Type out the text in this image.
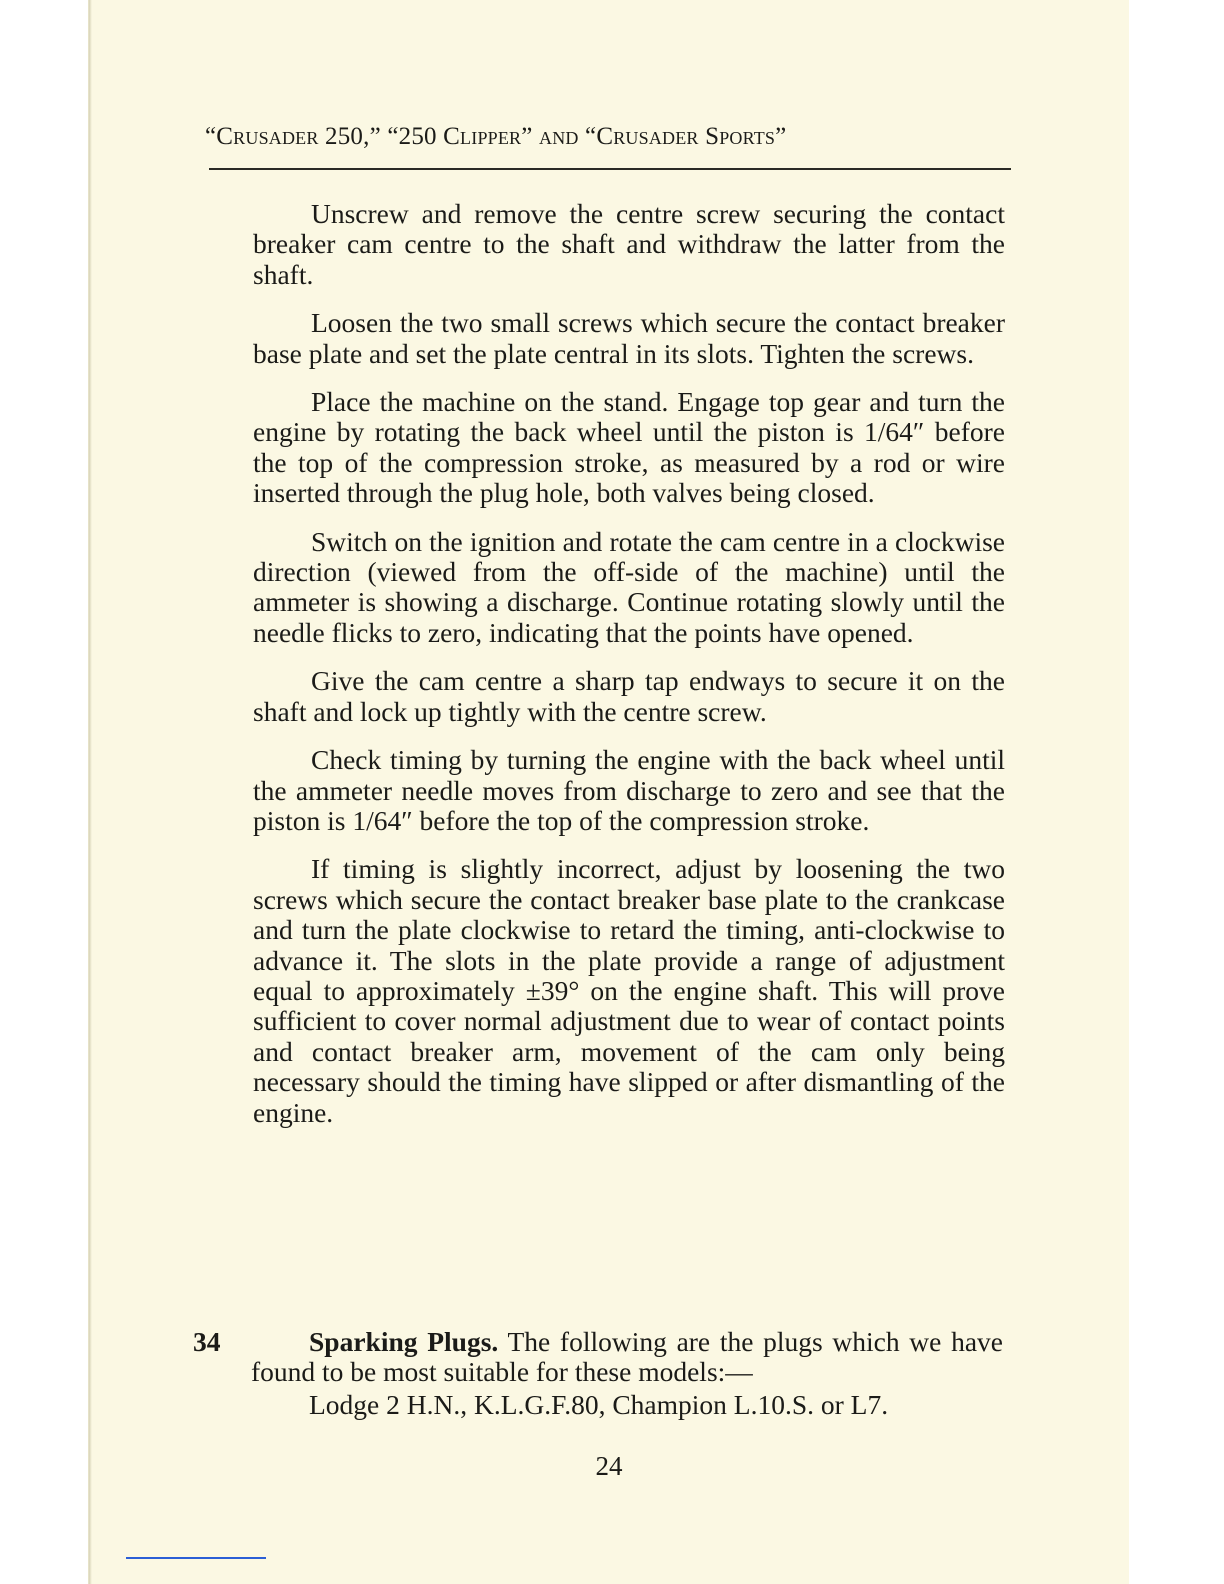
“Crusader 250,” “250 Clipper” and “Crusader Sports”

Unscrew and remove the centre screw securing the contact breaker cam centre to the shaft and withdraw the latter from the shaft.

Loosen the two small screws which secure the contact breaker base plate and set the plate central in its slots. Tighten the screws.

Place the machine on the stand. Engage top gear and turn the engine by rotating the back wheel until the piston is 1/64″ before the top of the compression stroke, as measured by a rod or wire inserted through the plug hole, both valves being closed.

Switch on the ignition and rotate the cam centre in a clockwise direction (viewed from the off-side of the machine) until the ammeter is showing a discharge. Continue rotating slowly until the needle flicks to zero, indicating that the points have opened.

Give the cam centre a sharp tap endways to secure it on the shaft and lock up tightly with the centre screw.

Check timing by turning the engine with the back wheel until the ammeter needle moves from discharge to zero and see that the piston is 1/64″ before the top of the compression stroke.

If timing is slightly incorrect, adjust by loosening the two screws which secure the contact breaker base plate to the crankcase and turn the plate clockwise to retard the timing, anti-clockwise to advance it. The slots in the plate provide a range of adjustment equal to approximately ±39° on the engine shaft. This will prove sufficient to cover normal adjustment due to wear of contact points and contact breaker arm, movement of the cam only being necessary should the timing have slipped or after dismantling of the engine.

34	Sparking Plugs. The following are the plugs which we have found to be most suitable for these models:—

Lodge 2 H.N., K.L.G.F.80, Champion L.10.S. or L7.
24
